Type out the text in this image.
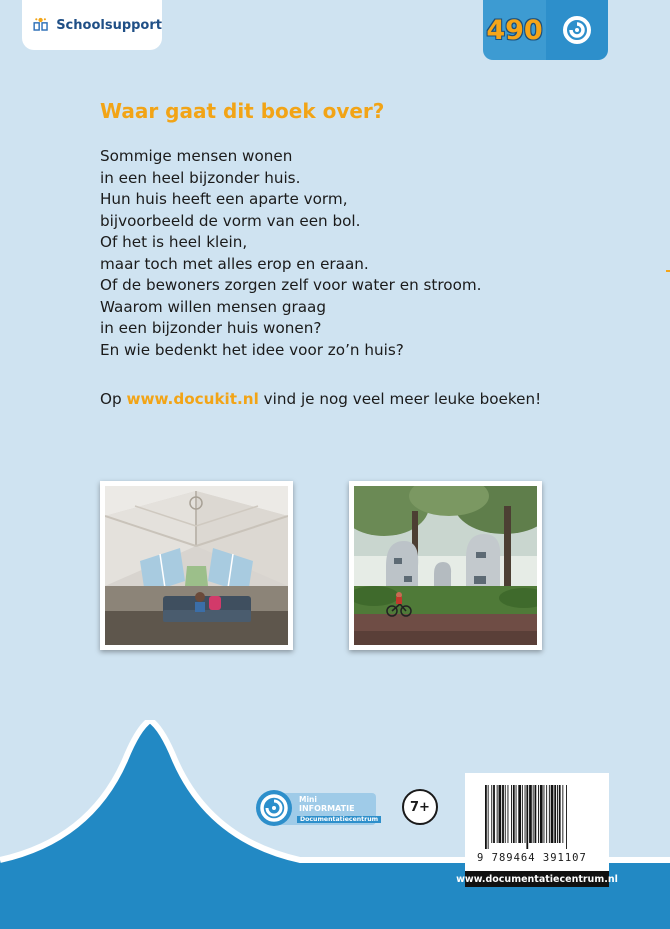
Schoolsupport	490
Waar gaat dit boek over?
Sommige mensen wonen
in een heel bijzonder huis.
Hun huis heeft een aparte vorm,
bijvoorbeeld de vorm van een bol.
Of het is heel klein,
maar toch met alles erop en eraan.
Of de bewoners zorgen zelf voor water en stroom.
Waarom willen mensen graag
in een bijzonder huis wonen?
En wie bedenkt het idee voor zo’n huis?
Op www.docukit.nl vind je nog veel meer leuke boeken!
Mini
INFORMATIE
Documentatiecentrum
7+
9 789464 391107
www.documentatiecentrum.nl
